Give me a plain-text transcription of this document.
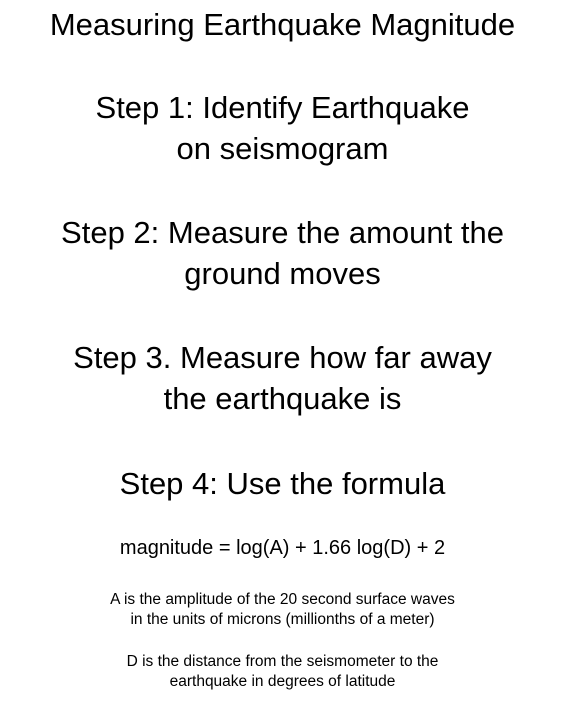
Measuring Earthquake Magnitude
Step 1: Identify Earthquake
on seismogram
Step 2: Measure the amount the
ground moves
Step 3. Measure how far away
the earthquake is
Step 4: Use the formula
magnitude = log(A) + 1.66 log(D) + 2
A is the amplitude of the 20 second surface waves
in the units of microns (millionths of a meter)
D is the distance from the seismometer to the
earthquake in degrees of latitude
